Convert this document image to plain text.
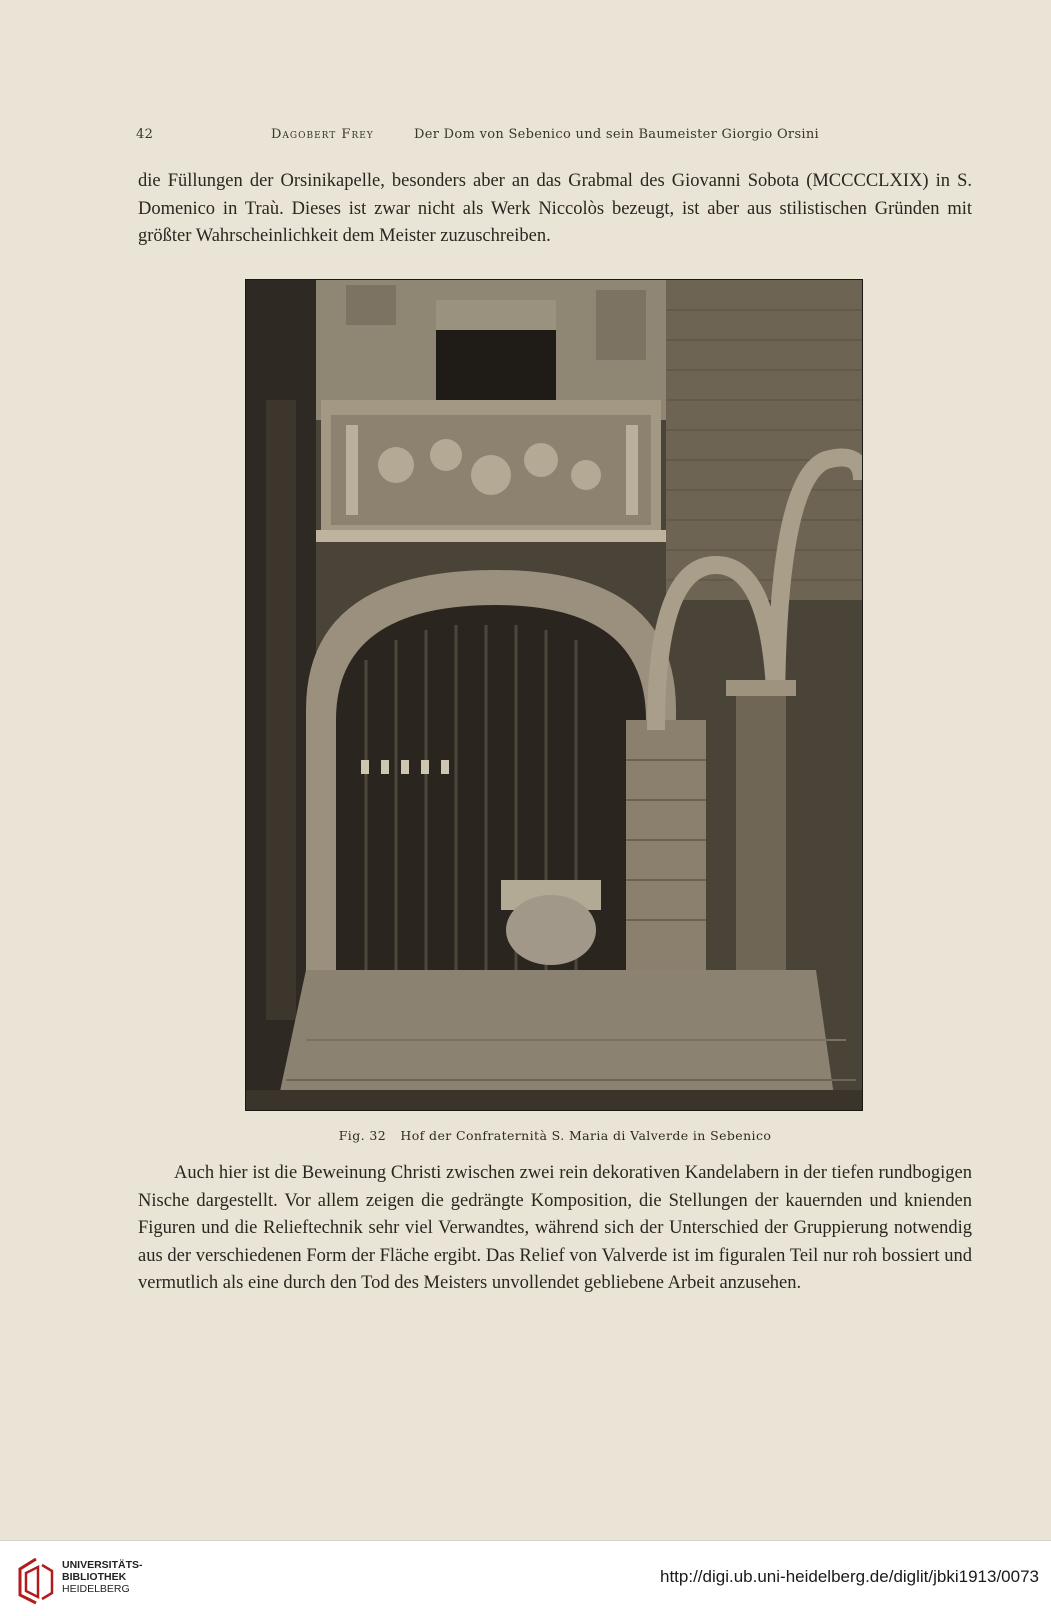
42	Dagobert Frey	Der Dom von Sebenico und sein Baumeister Giorgio Orsini

die Füllungen der Orsinikapelle, besonders aber an das Grabmal des Giovanni Sobota (MCCCCLXIX) in S. Domenico in Traù. Dieses ist zwar nicht als Werk Niccolòs bezeugt, ist aber aus stilistischen Gründen mit größter Wahrscheinlichkeit dem Meister zuzuschreiben.

Fig. 32 Hof der Confraternità S. Maria di Valverde in Sebenico

Auch hier ist die Beweinung Christi zwischen zwei rein dekorativen Kandelabern in der tiefen rundbogigen Nische dargestellt. Vor allem zeigen die gedrängte Komposition, die Stellungen der kauernden und knienden Figuren und die Relieftechnik sehr viel Verwandtes, während sich der Unterschied der Gruppierung notwendig aus der verschiedenen Form der Fläche ergibt. Das Relief von Valverde ist im figuralen Teil nur roh bossiert und vermutlich als eine durch den Tod des Meisters unvollendet gebliebene Arbeit anzusehen.

UNIVERSITÄTS-
BIBLIOTHEK
HEIDELBERG
http://digi.ub.uni-heidelberg.de/diglit/jbki1913/0073
